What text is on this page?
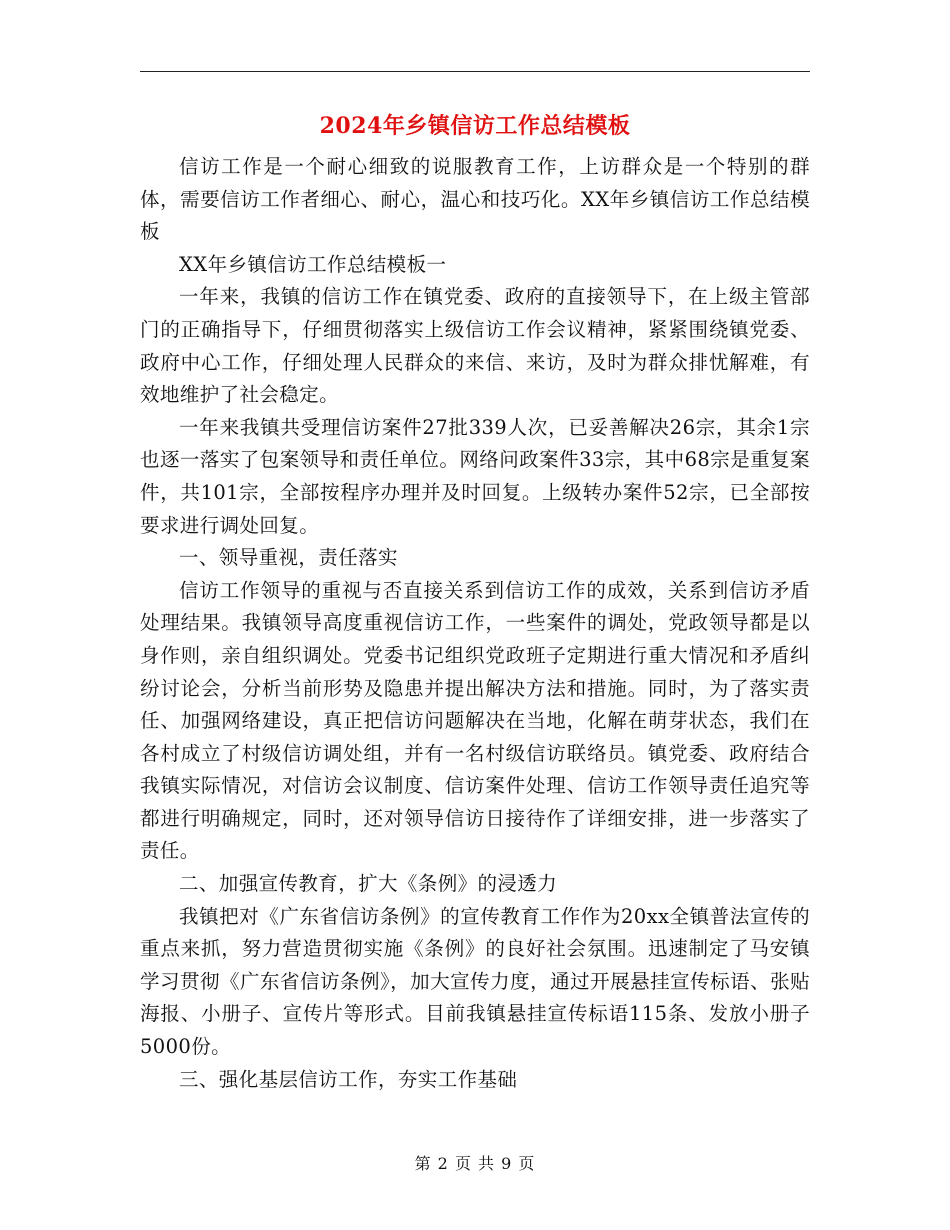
2024年乡镇信访工作总结模板

信访工作是一个耐心细致的说服教育工作，上访群众是一个特别的群体，需要信访工作者细心、耐心，温心和技巧化。XX年乡镇信访工作总结模板

XX年乡镇信访工作总结模板一

一年来，我镇的信访工作在镇党委、政府的直接领导下，在上级主管部门的正确指导下，仔细贯彻落实上级信访工作会议精神，紧紧围绕镇党委、政府中心工作，仔细处理人民群众的来信、来访，及时为群众排忧解难，有效地维护了社会稳定。

一年来我镇共受理信访案件27批339人次，已妥善解决26宗，其余1宗也逐一落实了包案领导和责任单位。网络问政案件33宗，其中68宗是重复案件，共101宗，全部按程序办理并及时回复。上级转办案件52宗，已全部按要求进行调处回复。

一、领导重视，责任落实

信访工作领导的重视与否直接关系到信访工作的成效，关系到信访矛盾处理结果。我镇领导高度重视信访工作，一些案件的调处，党政领导都是以身作则，亲自组织调处。党委书记组织党政班子定期进行重大情况和矛盾纠纷讨论会，分析当前形势及隐患并提出解决方法和措施。同时，为了落实责任、加强网络建设，真正把信访问题解决在当地，化解在萌芽状态，我们在各村成立了村级信访调处组，并有一名村级信访联络员。镇党委、政府结合我镇实际情况，对信访会议制度、信访案件处理、信访工作领导责任追究等都进行明确规定，同时，还对领导信访日接待作了详细安排，进一步落实了责任。

二、加强宣传教育，扩大《条例》的浸透力

我镇把对《广东省信访条例》的宣传教育工作作为20xx全镇普法宣传的重点来抓，努力营造贯彻实施《条例》的良好社会氛围。迅速制定了马安镇学习贯彻《广东省信访条例》，加大宣传力度，通过开展悬挂宣传标语、张贴海报、小册子、宣传片等形式。目前我镇悬挂宣传标语115条、发放小册子5000份。

三、强化基层信访工作，夯实工作基础

第 2 页 共 9 页
